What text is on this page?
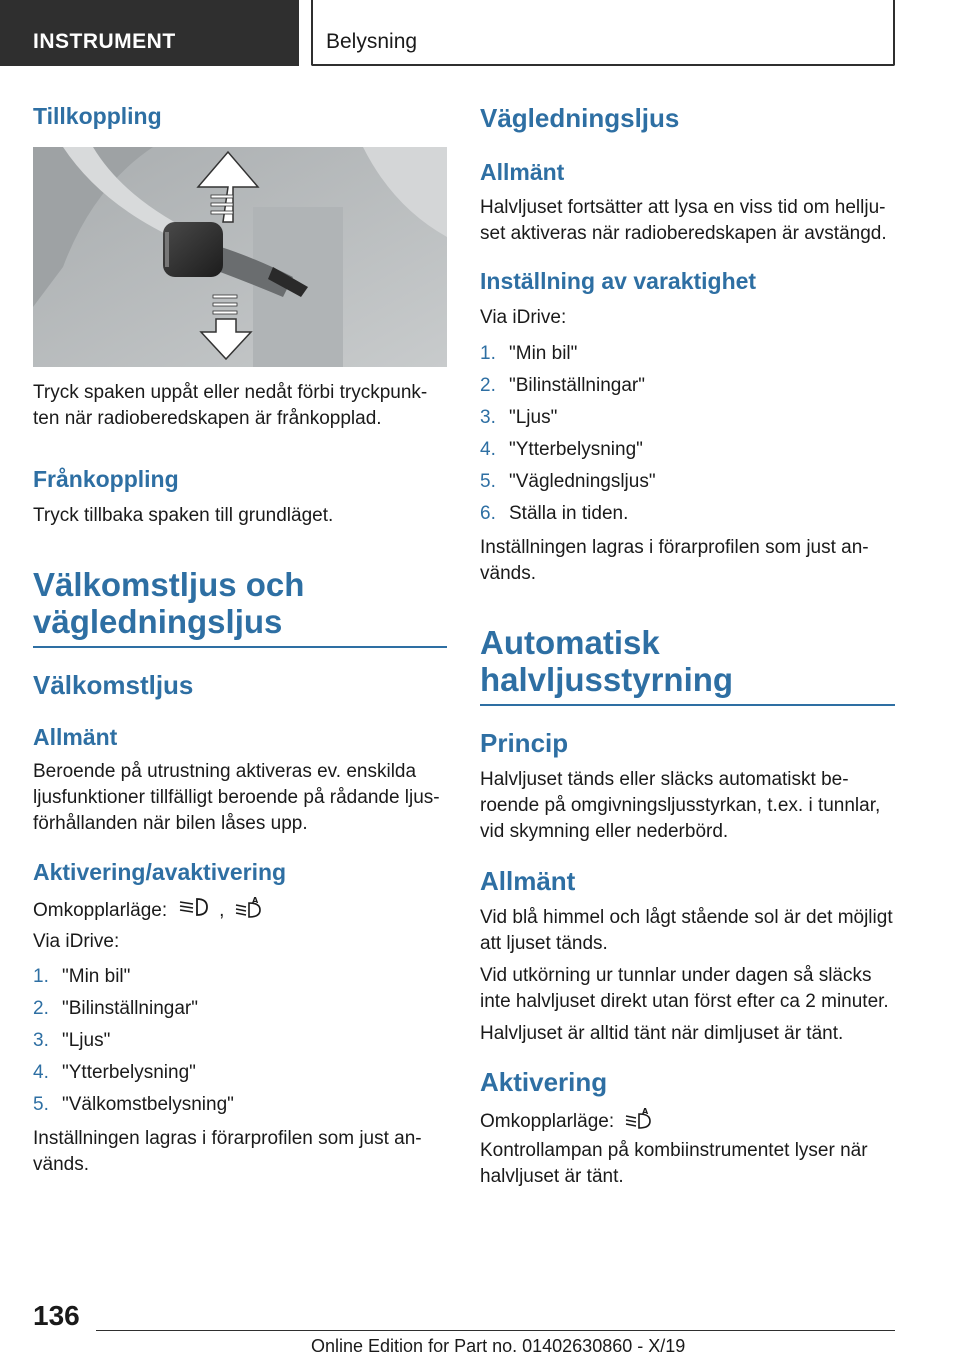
INSTRUMENT	Belysning
Tillkoppling
Tryck spaken uppåt eller nedåt förbi tryckpunk-
ten när radioberedskapen är frånkopplad.
Frånkoppling
Tryck tillbaka spaken till grundläget.
Välkomstljus och
vägledningsljus
Välkomstljus
Allmänt
Beroende på utrustning aktiveras ev. enskilda
ljusfunktioner tillfälligt beroende på rådande ljus-
förhållanden när bilen låses upp.
Aktivering/avaktivering
Omkopplarläge:	,	A
Via iDrive:
1. "Min bil"
2. "Bilinställningar"
3. "Ljus"
4. "Ytterbelysning"
5. "Välkomstbelysning"
Inställningen lagras i förarprofilen som just an-
vänds.
Vägledningsljus
Allmänt
Halvljuset fortsätter att lysa en viss tid om hellju-
set aktiveras när radioberedskapen är avstängd.
Inställning av varaktighet
Via iDrive:
1. "Min bil"
2. "Bilinställningar"
3. "Ljus"
4. "Ytterbelysning"
5. "Vägledningsljus"
6. Ställa in tiden.
Inställningen lagras i förarprofilen som just an-
vänds.
Automatisk
halvljusstyrning
Princip
Halvljuset tänds eller släcks automatiskt be-
roende på omgivningsljusstyrkan, t.ex. i tunnlar,
vid skymning eller nederbörd.
Allmänt
Vid blå himmel och lågt stående sol är det möjligt
att ljuset tänds.
Vid utkörning ur tunnlar under dagen så släcks
inte halvljuset direkt utan först efter ca 2 minuter.
Halvljuset är alltid tänt när dimljuset är tänt.
Aktivering
Omkopplarläge:	A
Kontrollampan på kombiinstrumentet lyser när
halvljuset är tänt.
136
Online Edition for Part no. 01402630860 - X/19
